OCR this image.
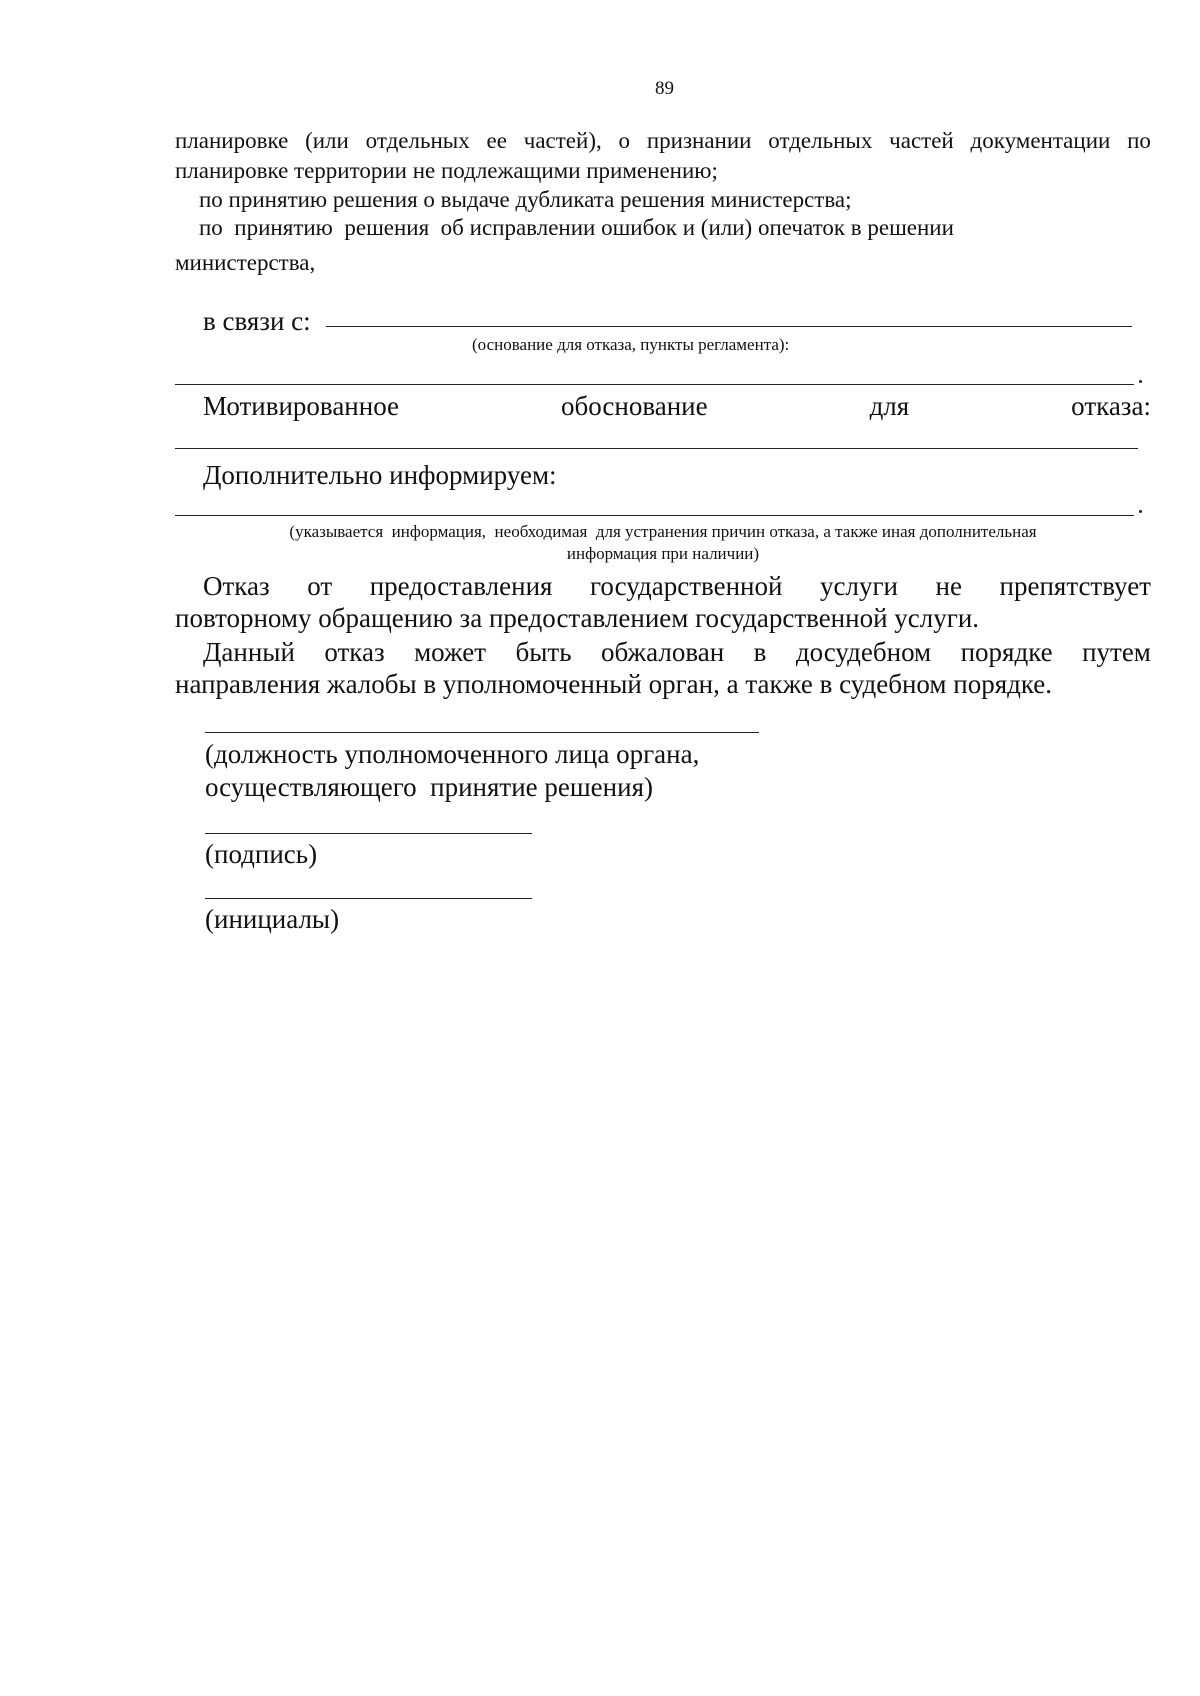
89
планировке (или отдельных ее частей), о признании отдельных частей документации по
планировке территории не подлежащими применению;
по принятию решения о выдаче дубликата решения министерства;
по  принятию  решения  об исправлении ошибок и (или) опечаток в решении
министерства,
в связи с:
(основание для отказа, пункты регламента):
Мотивированное	обоснование	для	отказа:
Дополнительно информируем:
(указывается  информация,  необходимая  для устранения причин отказа, а также иная дополнительная
информация при наличии)
Отказ от предоставления государственной услуги не препятствует
повторному обращению за предоставлением государственной услуги.
Данный отказ может быть обжалован в досудебном порядке путем
направления жалобы в уполномоченный орган, а также в судебном порядке.
(должность уполномоченного лица органа,
осуществляющего  принятие решения)
(подпись)
(инициалы)
